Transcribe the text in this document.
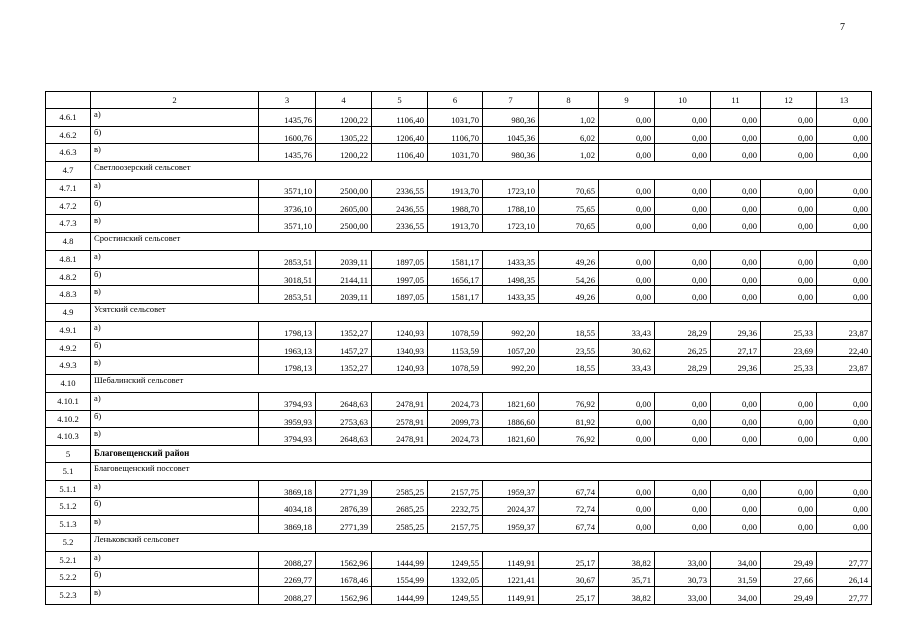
7
	2	3	4	5	6	7	8	9	10	11	12	13
4.6.1	а)	1435,76	1200,22	1106,40	1031,70	980,36	1,02	0,00	0,00	0,00	0,00	0,00
4.6.2	б)	1600,76	1305,22	1206,40	1106,70	1045,36	6,02	0,00	0,00	0,00	0,00	0,00
4.6.3	в)	1435,76	1200,22	1106,40	1031,70	980,36	1,02	0,00	0,00	0,00	0,00	0,00
4.7	Светлоозерский сельсовет											
4.7.1	а)	3571,10	2500,00	2336,55	1913,70	1723,10	70,65	0,00	0,00	0,00	0,00	0,00
4.7.2	б)	3736,10	2605,00	2436,55	1988,70	1788,10	75,65	0,00	0,00	0,00	0,00	0,00
4.7.3	в)	3571,10	2500,00	2336,55	1913,70	1723,10	70,65	0,00	0,00	0,00	0,00	0,00
4.8	Сростинский сельсовет											
4.8.1	а)	2853,51	2039,11	1897,05	1581,17	1433,35	49,26	0,00	0,00	0,00	0,00	0,00
4.8.2	б)	3018,51	2144,11	1997,05	1656,17	1498,35	54,26	0,00	0,00	0,00	0,00	0,00
4.8.3	в)	2853,51	2039,11	1897,05	1581,17	1433,35	49,26	0,00	0,00	0,00	0,00	0,00
4.9	Усятский сельсовет											
4.9.1	а)	1798,13	1352,27	1240,93	1078,59	992,20	18,55	33,43	28,29	29,36	25,33	23,87
4.9.2	б)	1963,13	1457,27	1340,93	1153,59	1057,20	23,55	30,62	26,25	27,17	23,69	22,40
4.9.3	в)	1798,13	1352,27	1240,93	1078,59	992,20	18,55	33,43	28,29	29,36	25,33	23,87
4.10	Шебалинский сельсовет											
4.10.1	а)	3794,93	2648,63	2478,91	2024,73	1821,60	76,92	0,00	0,00	0,00	0,00	0,00
4.10.2	б)	3959,93	2753,63	2578,91	2099,73	1886,60	81,92	0,00	0,00	0,00	0,00	0,00
4.10.3	в)	3794,93	2648,63	2478,91	2024,73	1821,60	76,92	0,00	0,00	0,00	0,00	0,00
5	Благовещенский район											
5.1	Благовещенский поссовет											
5.1.1	а)	3869,18	2771,39	2585,25	2157,75	1959,37	67,74	0,00	0,00	0,00	0,00	0,00
5.1.2	б)	4034,18	2876,39	2685,25	2232,75	2024,37	72,74	0,00	0,00	0,00	0,00	0,00
5.1.3	в)	3869,18	2771,39	2585,25	2157,75	1959,37	67,74	0,00	0,00	0,00	0,00	0,00
5.2	Леньковский сельсовет											
5.2.1	а)	2088,27	1562,96	1444,99	1249,55	1149,91	25,17	38,82	33,00	34,00	29,49	27,77
5.2.2	б)	2269,77	1678,46	1554,99	1332,05	1221,41	30,67	35,71	30,73	31,59	27,66	26,14
5.2.3	в)	2088,27	1562,96	1444,99	1249,55	1149,91	25,17	38,82	33,00	34,00	29,49	27,77
